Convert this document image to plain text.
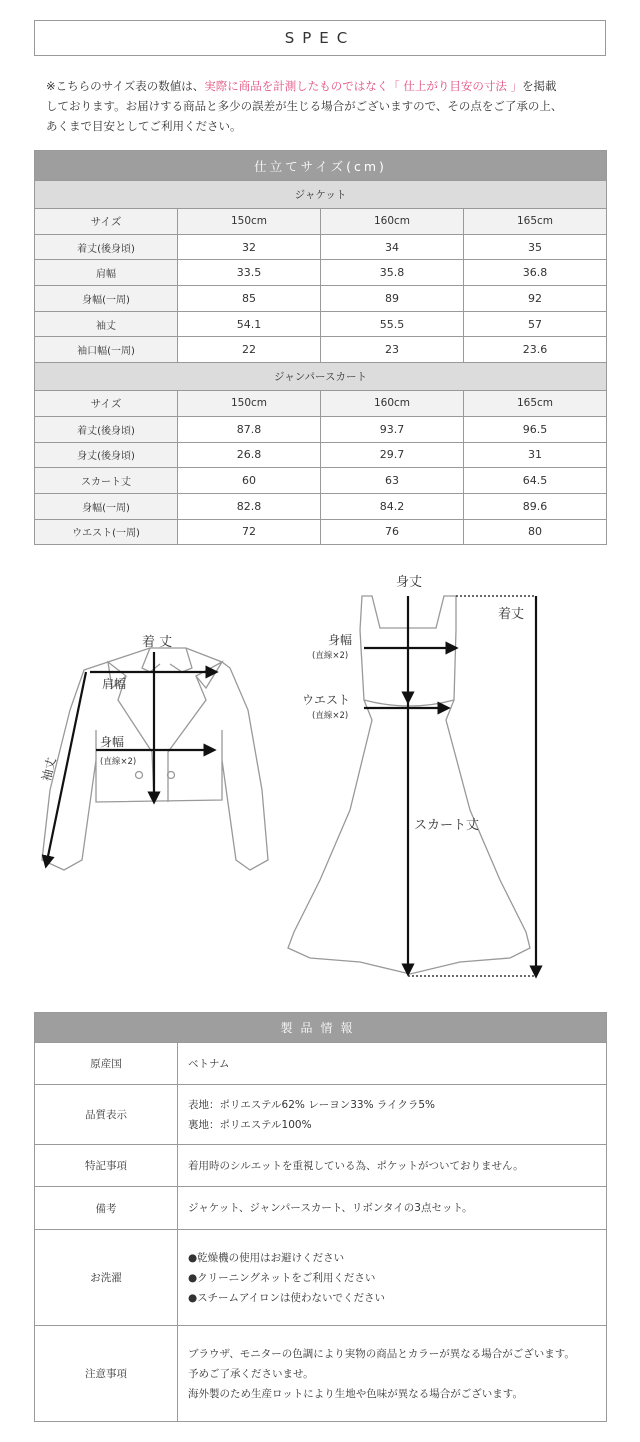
SPEC
※こちらのサイズ表の数値は、実際に商品を計測したものではなく「 仕上がり目安の寸法 」を掲載
しております。お届けする商品と多少の誤差が生じる場合がございますので、その点をご了承の上、
あくまで目安としてご利用ください。
仕立てサイズ(cm)			
ジャケット			
サイズ	150cm	160cm	165cm
着丈(後身頃)	32	34	35
肩幅	33.5	35.8	36.8
身幅(一周)	85	89	92
袖丈	54.1	55.5	57
袖口幅(一周)	22	23	23.6
ジャンパースカート			
サイズ	150cm	160cm	165cm
着丈(後身頃)	87.8	93.7	96.5
身丈(後身頃)	26.8	29.7	31
スカート丈	60	63	64.5
身幅(一周)	82.8	84.2	89.6
ウエスト(一周)	72	76	80
着 丈
肩幅
身幅
(直線×2)
袖丈
身丈
着丈
身幅
(直線×2)
ウエスト
(直線×2)
スカート丈
製品情報	
原産国	ベトナム
品質表示	表地：ポリエステル62% レーヨン33% ライクラ5%
裏地：ポリエステル100%

特記事項	着用時のシルエットを重視している為、ポケットがついておりません。
備考	ジャケット、ジャンパースカート、リボンタイの3点セット。
お洗濯	●乾燥機の使用はお避けください
●クリーニングネットをご利用ください
●スチームアイロンは使わないでください

注意事項	ブラウザ、モニターの色調により実物の商品とカラーが異なる場合がございます。
予めご了承くださいませ。
海外製のため生産ロットにより生地や色味が異なる場合がございます。
